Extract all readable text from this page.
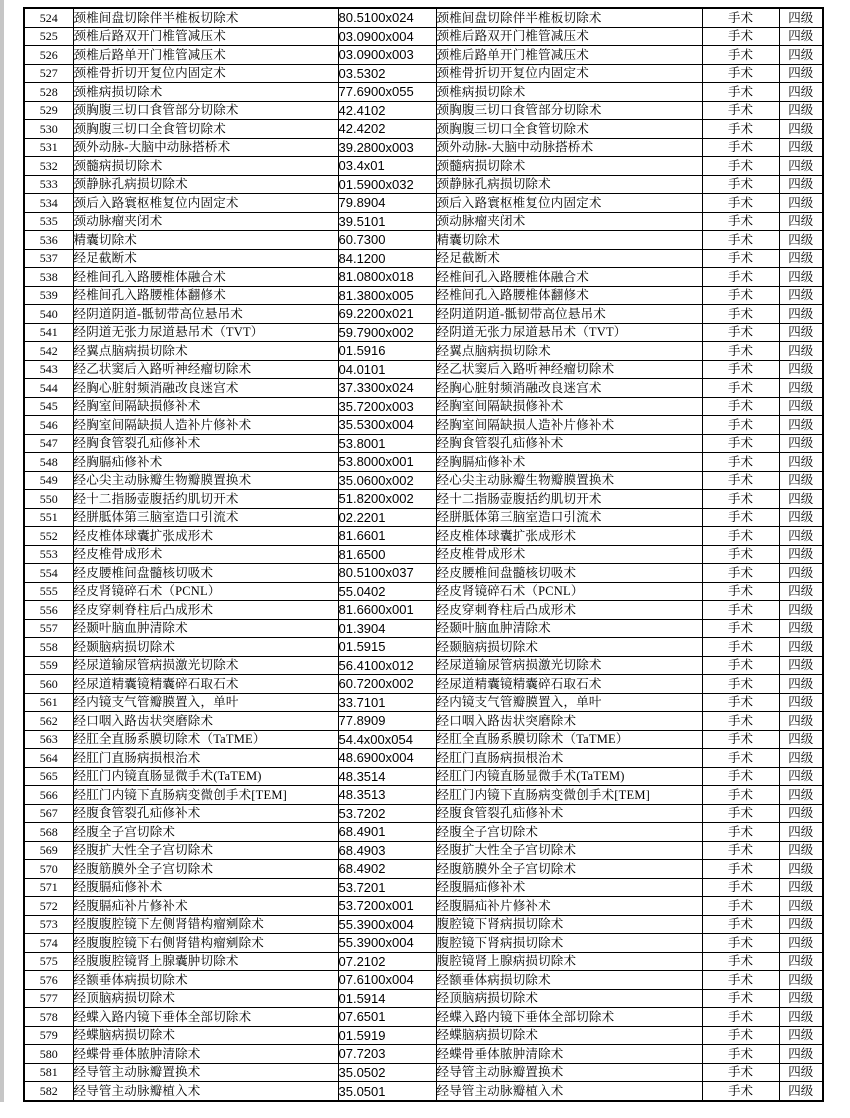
524	颈椎间盘切除伴半椎板切除术	80.5100x024	颈椎间盘切除伴半椎板切除术	手术	四级
525	颈椎后路双开门椎管减压术	03.0900x004	颈椎后路双开门椎管减压术	手术	四级
526	颈椎后路单开门椎管减压术	03.0900x003	颈椎后路单开门椎管减压术	手术	四级
527	颈椎骨折切开复位内固定术	03.5302	颈椎骨折切开复位内固定术	手术	四级
528	颈椎病损切除术	77.6900x055	颈椎病损切除术	手术	四级
529	颈胸腹三切口食管部分切除术	42.4102	颈胸腹三切口食管部分切除术	手术	四级
530	颈胸腹三切口全食管切除术	42.4202	颈胸腹三切口全食管切除术	手术	四级
531	颈外动脉-大脑中动脉搭桥术	39.2800x003	颈外动脉-大脑中动脉搭桥术	手术	四级
532	颈髓病损切除术	03.4x01	颈髓病损切除术	手术	四级
533	颈静脉孔病损切除术	01.5900x032	颈静脉孔病损切除术	手术	四级
534	颈后入路寰枢椎复位内固定术	79.8904	颈后入路寰枢椎复位内固定术	手术	四级
535	颈动脉瘤夹闭术	39.5101	颈动脉瘤夹闭术	手术	四级
536	精囊切除术	60.7300	精囊切除术	手术	四级
537	经足截断术	84.1200	经足截断术	手术	四级
538	经椎间孔入路腰椎体融合术	81.0800x018	经椎间孔入路腰椎体融合术	手术	四级
539	经椎间孔入路腰椎体翻修术	81.3800x005	经椎间孔入路腰椎体翻修术	手术	四级
540	经阴道阴道-骶韧带高位悬吊术	69.2200x021	经阴道阴道-骶韧带高位悬吊术	手术	四级
541	经阴道无张力尿道悬吊术（TVT）	59.7900x002	经阴道无张力尿道悬吊术（TVT）	手术	四级
542	经翼点脑病损切除术	01.5916	经翼点脑病损切除术	手术	四级
543	经乙状窦后入路听神经瘤切除术	04.0101	经乙状窦后入路听神经瘤切除术	手术	四级
544	经胸心脏射频消融改良迷宫术	37.3300x024	经胸心脏射频消融改良迷宫术	手术	四级
545	经胸室间隔缺损修补术	35.7200x003	经胸室间隔缺损修补术	手术	四级
546	经胸室间隔缺损人造补片修补术	35.5300x004	经胸室间隔缺损人造补片修补术	手术	四级
547	经胸食管裂孔疝修补术	53.8001	经胸食管裂孔疝修补术	手术	四级
548	经胸膈疝修补术	53.8000x001	经胸膈疝修补术	手术	四级
549	经心尖主动脉瓣生物瓣膜置换术	35.0600x002	经心尖主动脉瓣生物瓣膜置换术	手术	四级
550	经十二指肠壶腹括约肌切开术	51.8200x002	经十二指肠壶腹括约肌切开术	手术	四级
551	经胼胝体第三脑室造口引流术	02.2201	经胼胝体第三脑室造口引流术	手术	四级
552	经皮椎体球囊扩张成形术	81.6601	经皮椎体球囊扩张成形术	手术	四级
553	经皮椎骨成形术	81.6500	经皮椎骨成形术	手术	四级
554	经皮腰椎间盘髓核切吸术	80.5100x037	经皮腰椎间盘髓核切吸术	手术	四级
555	经皮肾镜碎石术（PCNL）	55.0402	经皮肾镜碎石术（PCNL）	手术	四级
556	经皮穿刺脊柱后凸成形术	81.6600x001	经皮穿刺脊柱后凸成形术	手术	四级
557	经颞叶脑血肿清除术	01.3904	经颞叶脑血肿清除术	手术	四级
558	经颞脑病损切除术	01.5915	经颞脑病损切除术	手术	四级
559	经尿道输尿管病损激光切除术	56.4100x012	经尿道输尿管病损激光切除术	手术	四级
560	经尿道精囊镜精囊碎石取石术	60.7200x002	经尿道精囊镜精囊碎石取石术	手术	四级
561	经内镜支气管瓣膜置入，单叶	33.7101	经内镜支气管瓣膜置入，单叶	手术	四级
562	经口咽入路齿状突磨除术	77.8909	经口咽入路齿状突磨除术	手术	四级
563	经肛全直肠系膜切除术（TaTME）	54.4x00x054	经肛全直肠系膜切除术（TaTME）	手术	四级
564	经肛门直肠病损根治术	48.6900x004	经肛门直肠病损根治术	手术	四级
565	经肛门内镜直肠显微手术(TaTEM)	48.3514	经肛门内镜直肠显微手术(TaTEM)	手术	四级
566	经肛门内镜下直肠病变微创手术[TEM]	48.3513	经肛门内镜下直肠病变微创手术[TEM]	手术	四级
567	经腹食管裂孔疝修补术	53.7202	经腹食管裂孔疝修补术	手术	四级
568	经腹全子宫切除术	68.4901	经腹全子宫切除术	手术	四级
569	经腹扩大性全子宫切除术	68.4903	经腹扩大性全子宫切除术	手术	四级
570	经腹筋膜外全子宫切除术	68.4902	经腹筋膜外全子宫切除术	手术	四级
571	经腹膈疝修补术	53.7201	经腹膈疝修补术	手术	四级
572	经腹膈疝补片修补术	53.7200x001	经腹膈疝补片修补术	手术	四级
573	经腹腹腔镜下左侧肾错构瘤剜除术	55.3900x004	腹腔镜下肾病损切除术	手术	四级
574	经腹腹腔镜下右侧肾错构瘤剜除术	55.3900x004	腹腔镜下肾病损切除术	手术	四级
575	经腹腹腔镜肾上腺囊肿切除术	07.2102	腹腔镜肾上腺病损切除术	手术	四级
576	经额垂体病损切除术	07.6100x004	经额垂体病损切除术	手术	四级
577	经顶脑病损切除术	01.5914	经顶脑病损切除术	手术	四级
578	经蝶入路内镜下垂体全部切除术	07.6501	经蝶入路内镜下垂体全部切除术	手术	四级
579	经蝶脑病损切除术	01.5919	经蝶脑病损切除术	手术	四级
580	经蝶骨垂体脓肿清除术	07.7203	经蝶骨垂体脓肿清除术	手术	四级
581	经导管主动脉瓣置换术	35.0502	经导管主动脉瓣置换术	手术	四级
582	经导管主动脉瓣植入术	35.0501	经导管主动脉瓣植入术	手术	四级
